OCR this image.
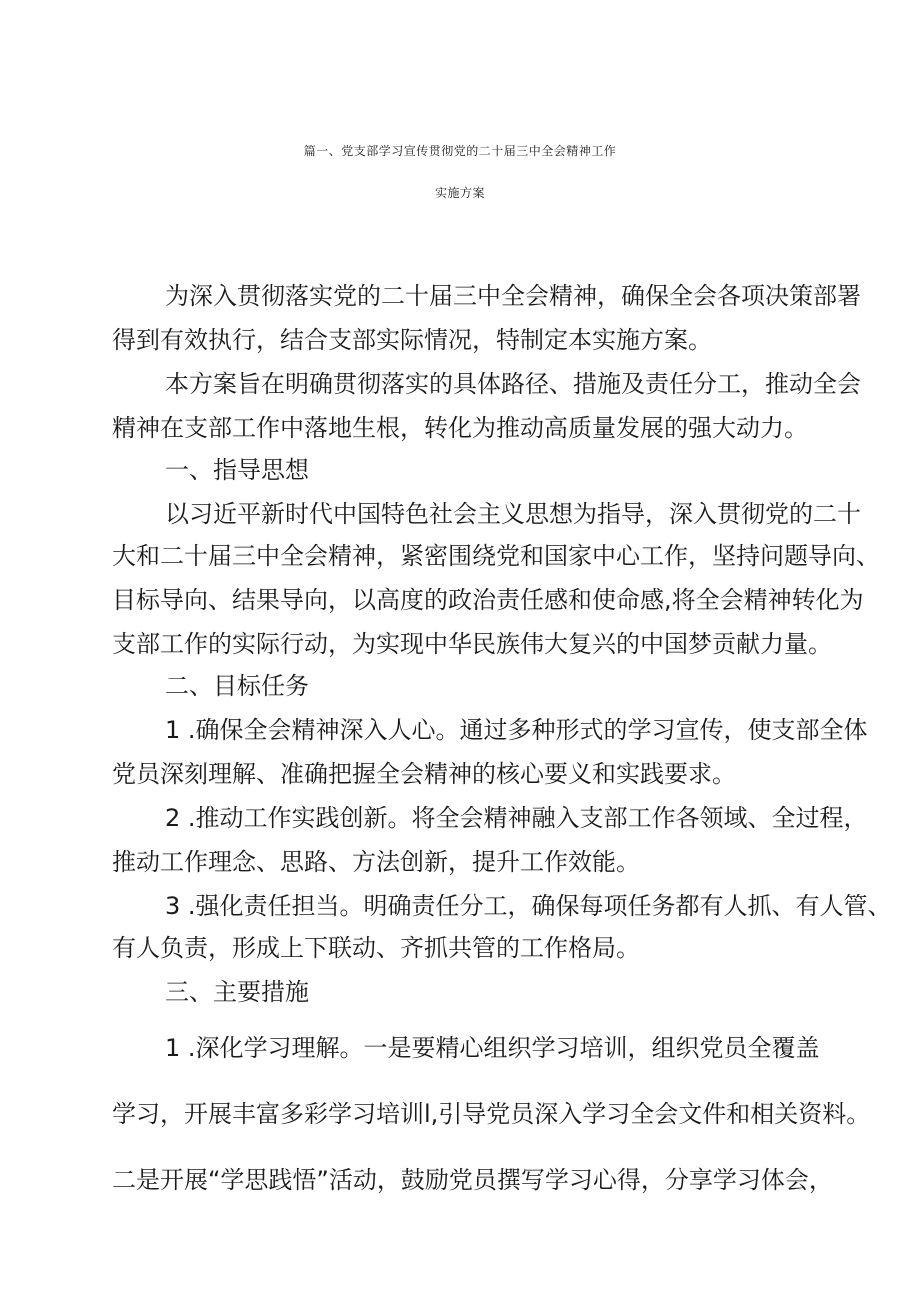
篇一、党支部学习宣传贯彻党的二十届三中全会精神工作
实施方案
为深入贯彻落实党的二十届三中全会精神，确保全会各项决策部署
得到有效执行，结合支部实际情况，特制定本实施方案。
本方案旨在明确贯彻落实的具体路径、措施及责任分工，推动全会
精神在支部工作中落地生根，转化为推动高质量发展的强大动力。
一、指导思想
以习近平新时代中国特色社会主义思想为指导，深入贯彻党的二十
大和二十届三中全会精神，紧密围绕党和国家中心工作，坚持问题导向、
目标导向、结果导向，以高度的政治责任感和使命感,将全会精神转化为
支部工作的实际行动，为实现中华民族伟大复兴的中国梦贡献力量。
二、目标任务
1 .确保全会精神深入人心。通过多种形式的学习宣传，使支部全体
党员深刻理解、准确把握全会精神的核心要义和实践要求。
2 .推动工作实践创新。将全会精神融入支部工作各领域、全过程，
推动工作理念、思路、方法创新，提升工作效能。
3 .强化责任担当。明确责任分工，确保每项任务都有人抓、有人管、
有人负责，形成上下联动、齐抓共管的工作格局。
三、主要措施
1 .深化学习理解。一是要精心组织学习培训，组织党员全覆盖
学习，开展丰富多彩学习培训l,引导党员深入学习全会文件和相关资料。
二是开展“学思践悟”活动，鼓励党员撰写学习心得，分享学习体会，
